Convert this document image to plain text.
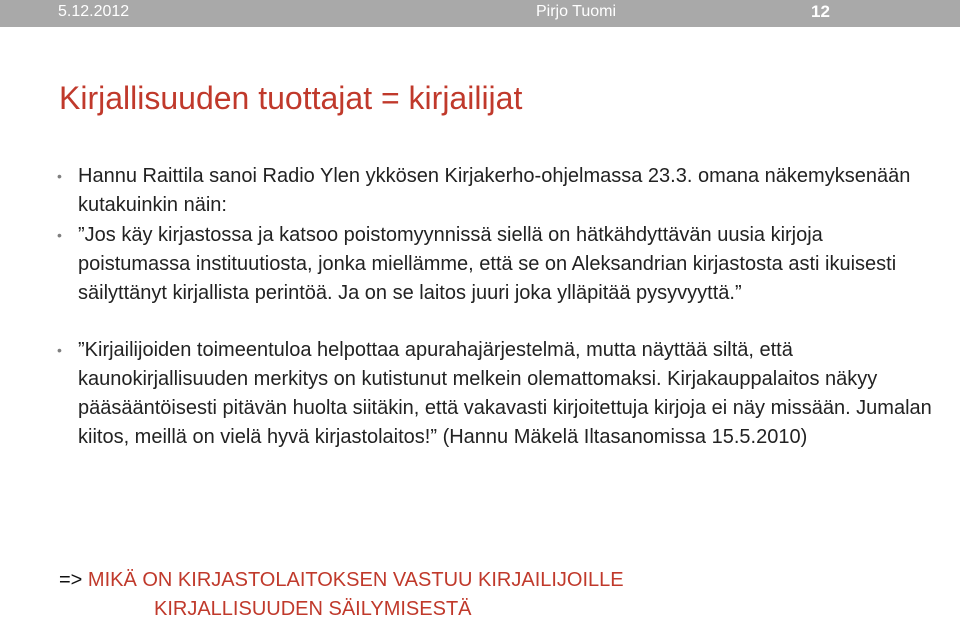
5.12.2012	Pirjo Tuomi	12
Kirjallisuuden tuottajat = kirjailijat
• Hannu Raittila sanoi Radio Ylen ykkösen Kirjakerho-ohjelmassa 23.3. omana näkemyksenään kutakuinkin näin:
• ”Jos käy kirjastossa ja katsoo poistomyynnissä siellä on hätkähdyttävän uusia kirjoja poistumassa instituutiosta, jonka miellämme, että se on Aleksandrian kirjastosta asti ikuisesti säilyttänyt kirjallista perintöä. Ja on se laitos juuri joka ylläpitää pysyvyyttä.”
• ”Kirjailijoiden toimeentuloa helpottaa apurahajärjestelmä, mutta näyttää siltä, että kaunokirjallisuuden merkitys on kutistunut melkein olemattomaksi. Kirjakauppalaitos näkyy pääsääntöisesti pitävän huolta siitäkin, että vakavasti kirjoitettuja kirjoja ei näy missään. Jumalan kiitos, meillä on vielä hyvä kirjastolaitos!” (Hannu Mäkelä Iltasanomissa 15.5.2010)
=> MIKÄ ON KIRJASTOLAITOKSEN VASTUU KIRJAILIJOILLE
KIRJALLISUUDEN SÄILYMISESTÄ
